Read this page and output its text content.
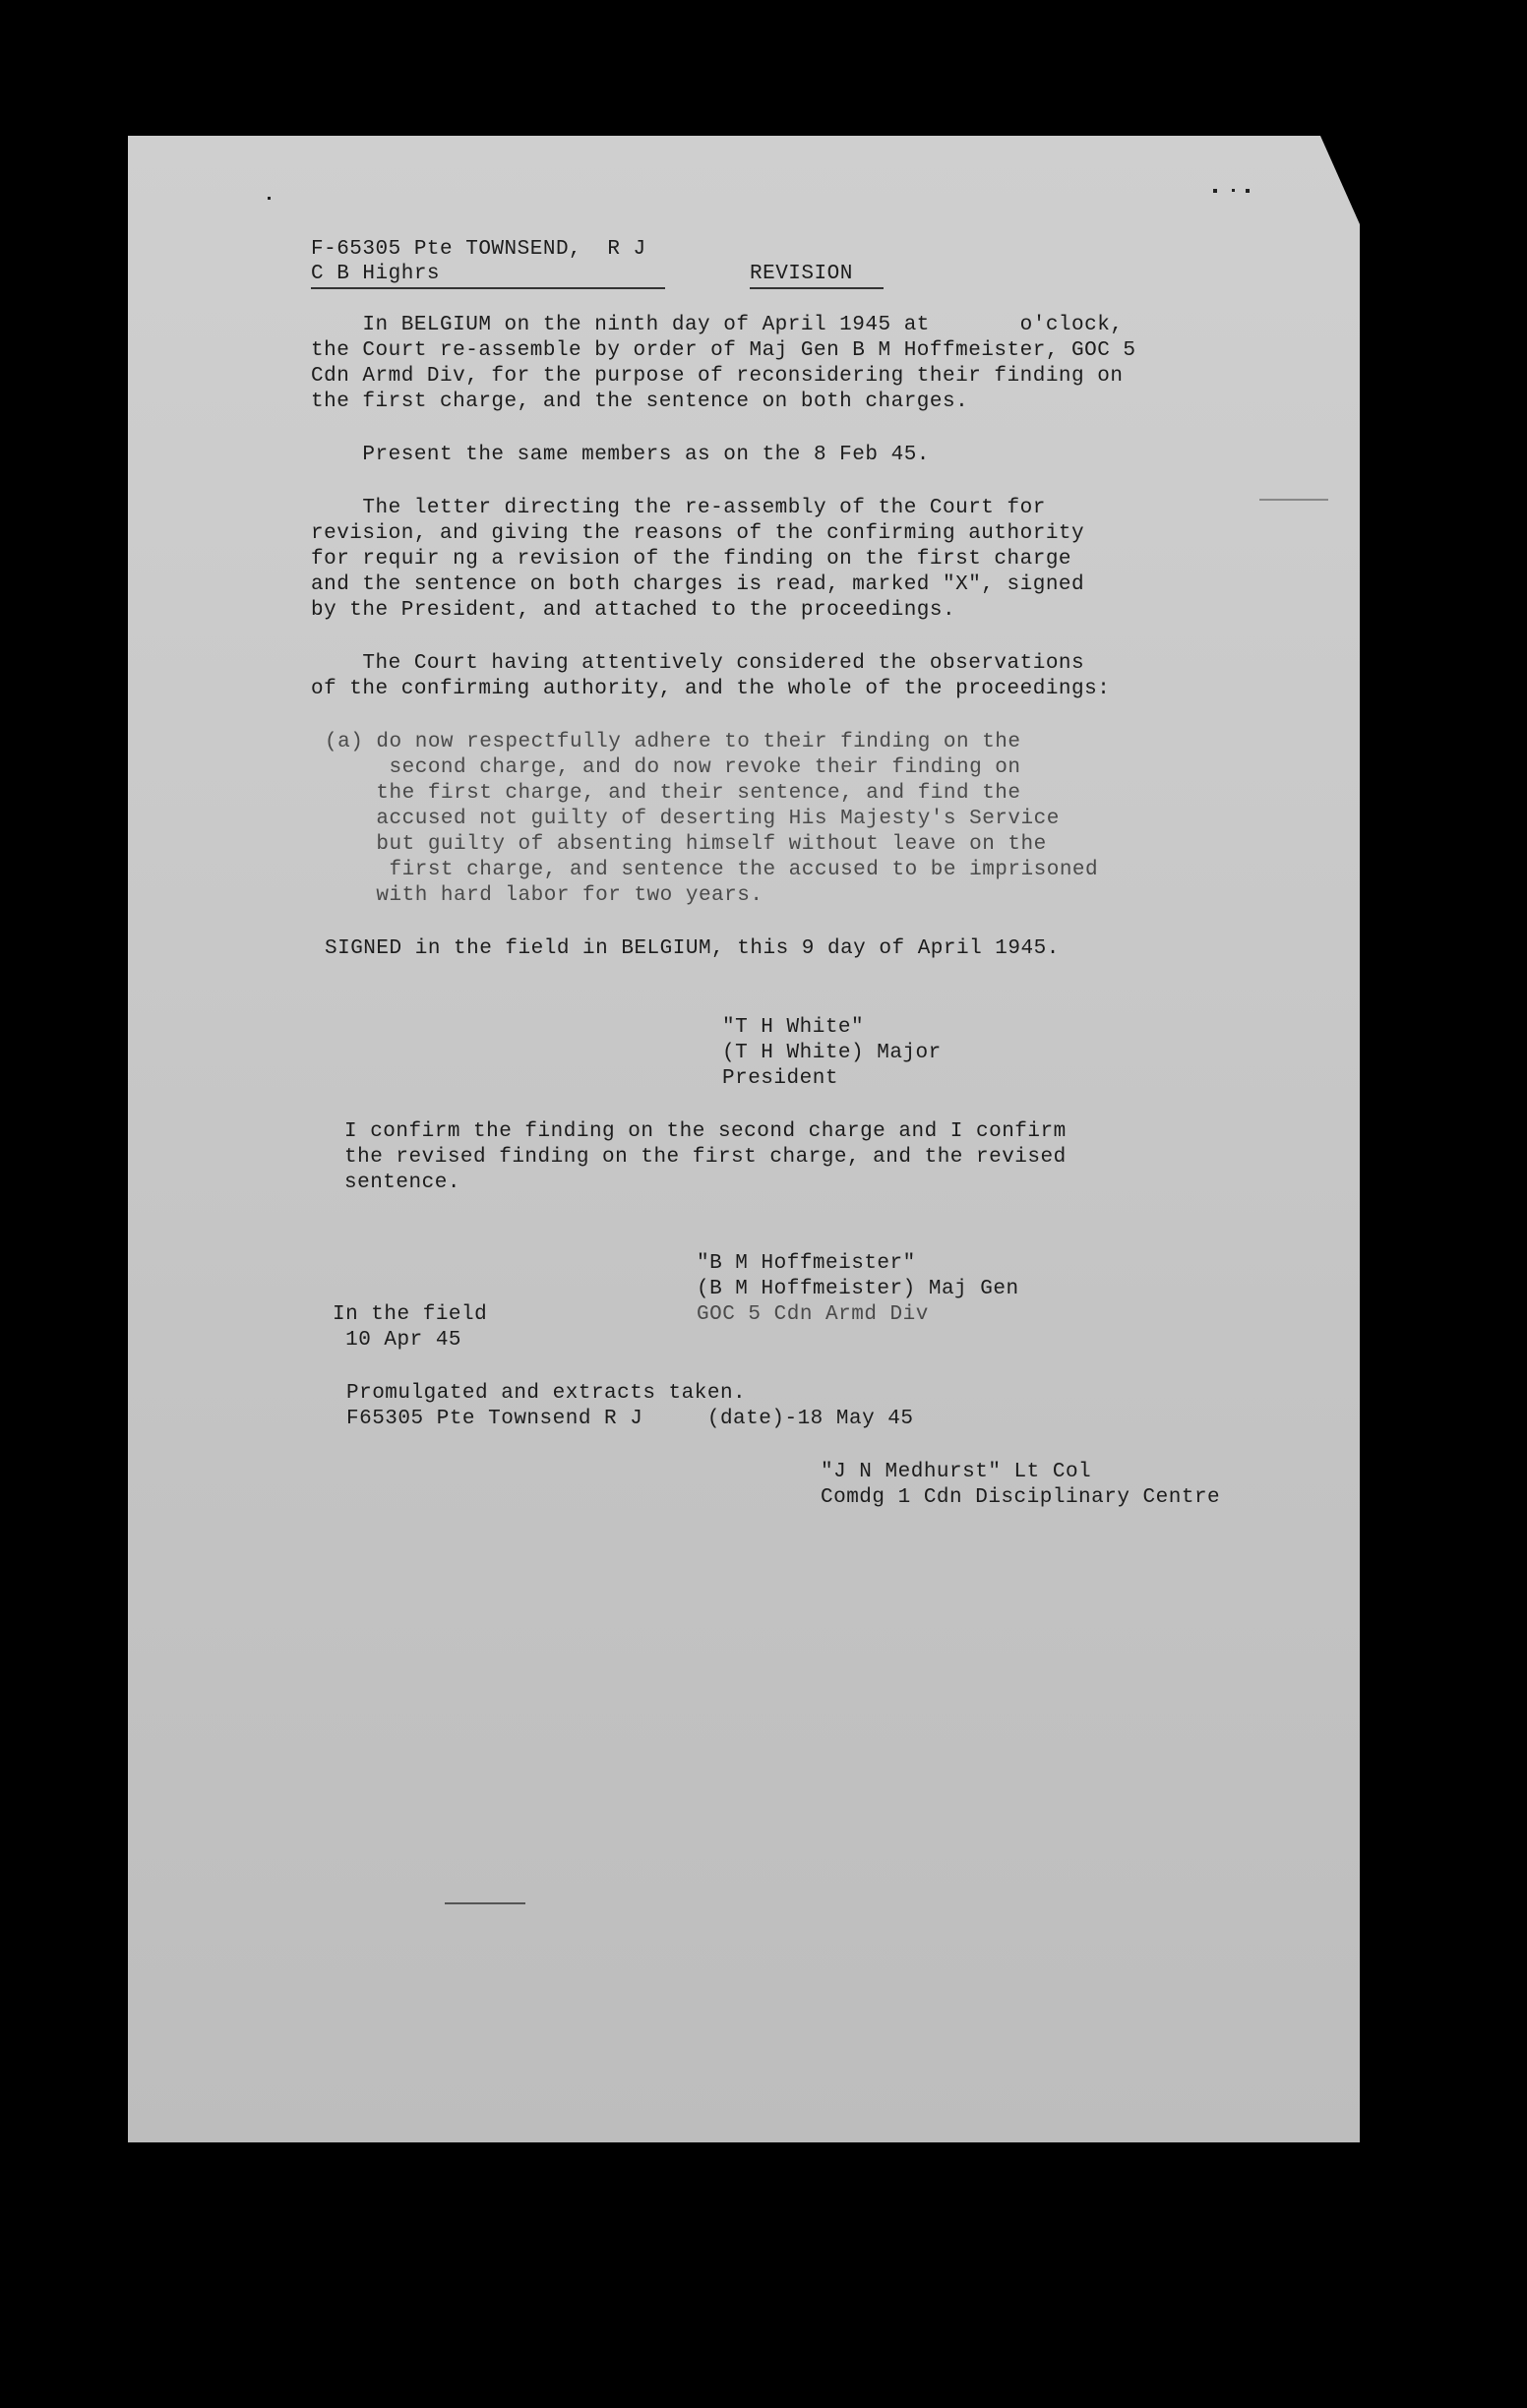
F-65305 Pte TOWNSEND,  R J
C B Highrs	REVISION
In BELGIUM on the ninth day of April 1945 at       o'clock,
the Court re-assemble by order of Maj Gen B M Hoffmeister, GOC 5
Cdn Armd Div, for the purpose of reconsidering their finding on
the first charge, and the sentence on both charges.
Present the same members as on the 8 Feb 45.
The letter directing the re-assembly of the Court for
revision, and giving the reasons of the confirming authority
for requir ng a revision of the finding on the first charge
and the sentence on both charges is read, marked "X", signed
by the President, and attached to the proceedings.
The Court having attentively considered the observations
of the confirming authority, and the whole of the proceedings:
(a) do now respectfully adhere to their finding on the
second charge, and do now revoke their finding on
the first charge, and their sentence, and find the
accused not guilty of deserting His Majesty's Service
but guilty of absenting himself without leave on the
first charge, and sentence the accused to be imprisoned
with hard labor for two years.
SIGNED in the field in BELGIUM, this 9 day of April 1945.
"T H White"
(T H White) Major
President
I confirm the finding on the second charge and I confirm
the revised finding on the first charge, and the revised
sentence.
"B M Hoffmeister"
(B M Hoffmeister) Maj Gen
GOC 5 Cdn Armd Div
In the field
10 Apr 45
Promulgated and extracts taken.
F65305 Pte Townsend R J     (date)-18 May 45
"J N Medhurst" Lt Col
Comdg 1 Cdn Disciplinary Centre
